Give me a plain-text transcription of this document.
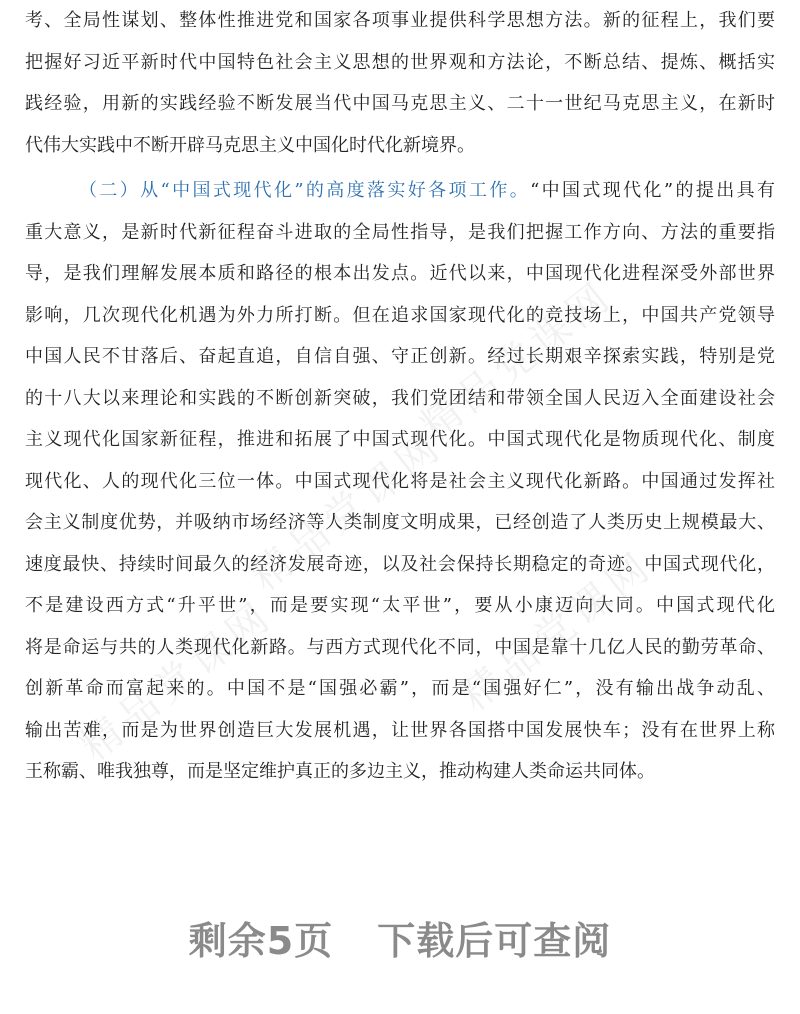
精品党课网
精品党课网
精品党课网
精品党课网
考、全局性谋划、整体性推进党和国家各项事业提供科学思想方法。新的征程上，我们要
把握好习近平新时代中国特色社会主义思想的世界观和方法论，不断总结、提炼、概括实
践经验，用新的实践经验不断发展当代中国马克思主义、二十一世纪马克思主义，在新时
代伟大实践中不断开辟马克思主义中国化时代化新境界。
（二）从“中国式现代化”的高度落实好各项工作。“中国式现代化”的提出具有
重大意义，是新时代新征程奋斗进取的全局性指导，是我们把握工作方向、方法的重要指
导，是我们理解发展本质和路径的根本出发点。近代以来，中国现代化进程深受外部世界
影响，几次现代化机遇为外力所打断。但在追求国家现代化的竞技场上，中国共产党领导
中国人民不甘落后、奋起直追，自信自强、守正创新。经过长期艰辛探索实践，特别是党
的十八大以来理论和实践的不断创新突破，我们党团结和带领全国人民迈入全面建设社会
主义现代化国家新征程，推进和拓展了中国式现代化。中国式现代化是物质现代化、制度
现代化、人的现代化三位一体。中国式现代化将是社会主义现代化新路。中国通过发挥社
会主义制度优势，并吸纳市场经济等人类制度文明成果，已经创造了人类历史上规模最大、
速度最快、持续时间最久的经济发展奇迹，以及社会保持长期稳定的奇迹。中国式现代化，
不是建设西方式“升平世”，而是要实现“太平世”，要从小康迈向大同。中国式现代化
将是命运与共的人类现代化新路。与西方式现代化不同，中国是靠十几亿人民的勤劳革命、
创新革命而富起来的。中国不是“国强必霸”，而是“国强好仁”，没有输出战争动乱、
输出苦难，而是为世界创造巨大发展机遇，让世界各国搭中国发展快车；没有在世界上称
王称霸、唯我独尊，而是坚定维护真正的多边主义，推动构建人类命运共同体。
剩余5页 下载后可查阅
